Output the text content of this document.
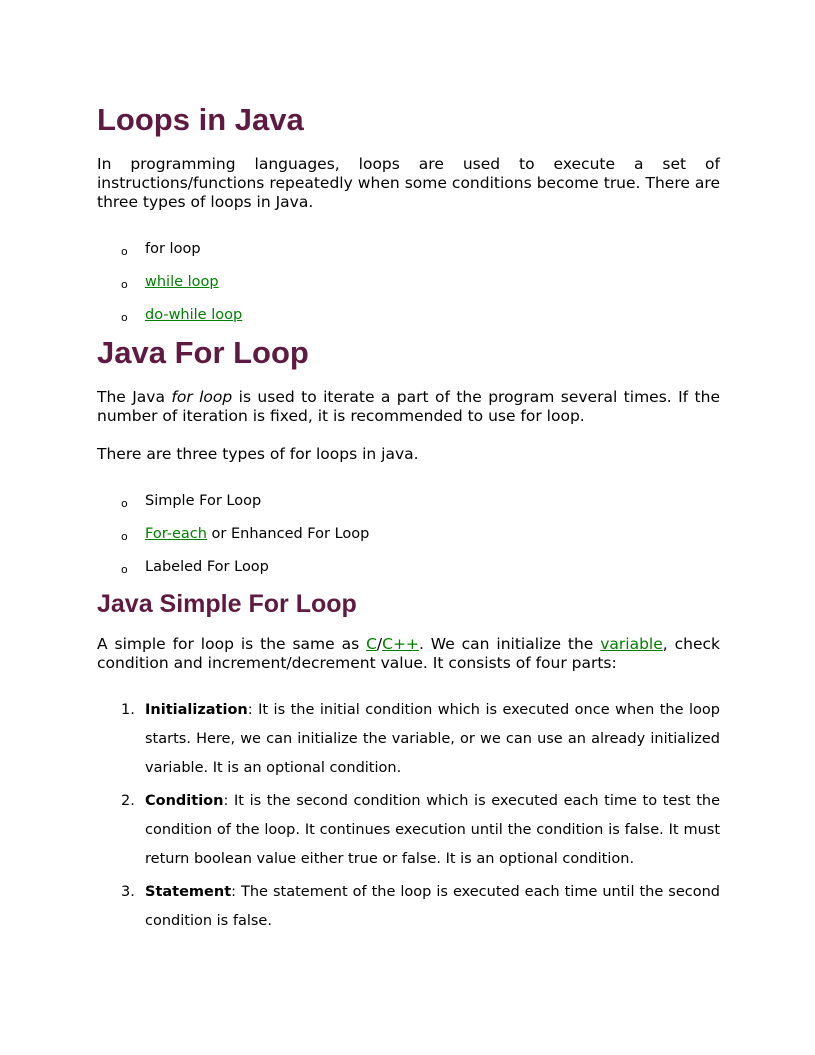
Loops in Java

In programming languages, loops are used to execute a set of instructions/functions repeatedly when some conditions become true. There are three types of loops in Java.

o for loop
o while loop
o do-while loop
Java For Loop

The Java for loop is used to iterate a part of the program several times. If the number of iteration is fixed, it is recommended to use for loop.

There are three types of for loops in java.

o Simple For Loop
o For-each or Enhanced For Loop
o Labeled For Loop
Java Simple For Loop

A simple for loop is the same as C/C++. We can initialize the variable, check condition and increment/decrement value. It consists of four parts:

1. Initialization: It is the initial condition which is executed once when the loop starts. Here, we can initialize the variable, or we can use an already initialized variable. It is an optional condition.
2. Condition: It is the second condition which is executed each time to test the condition of the loop. It continues execution until the condition is false. It must return boolean value either true or false. It is an optional condition.
3. Statement: The statement of the loop is executed each time until the second condition is false.
